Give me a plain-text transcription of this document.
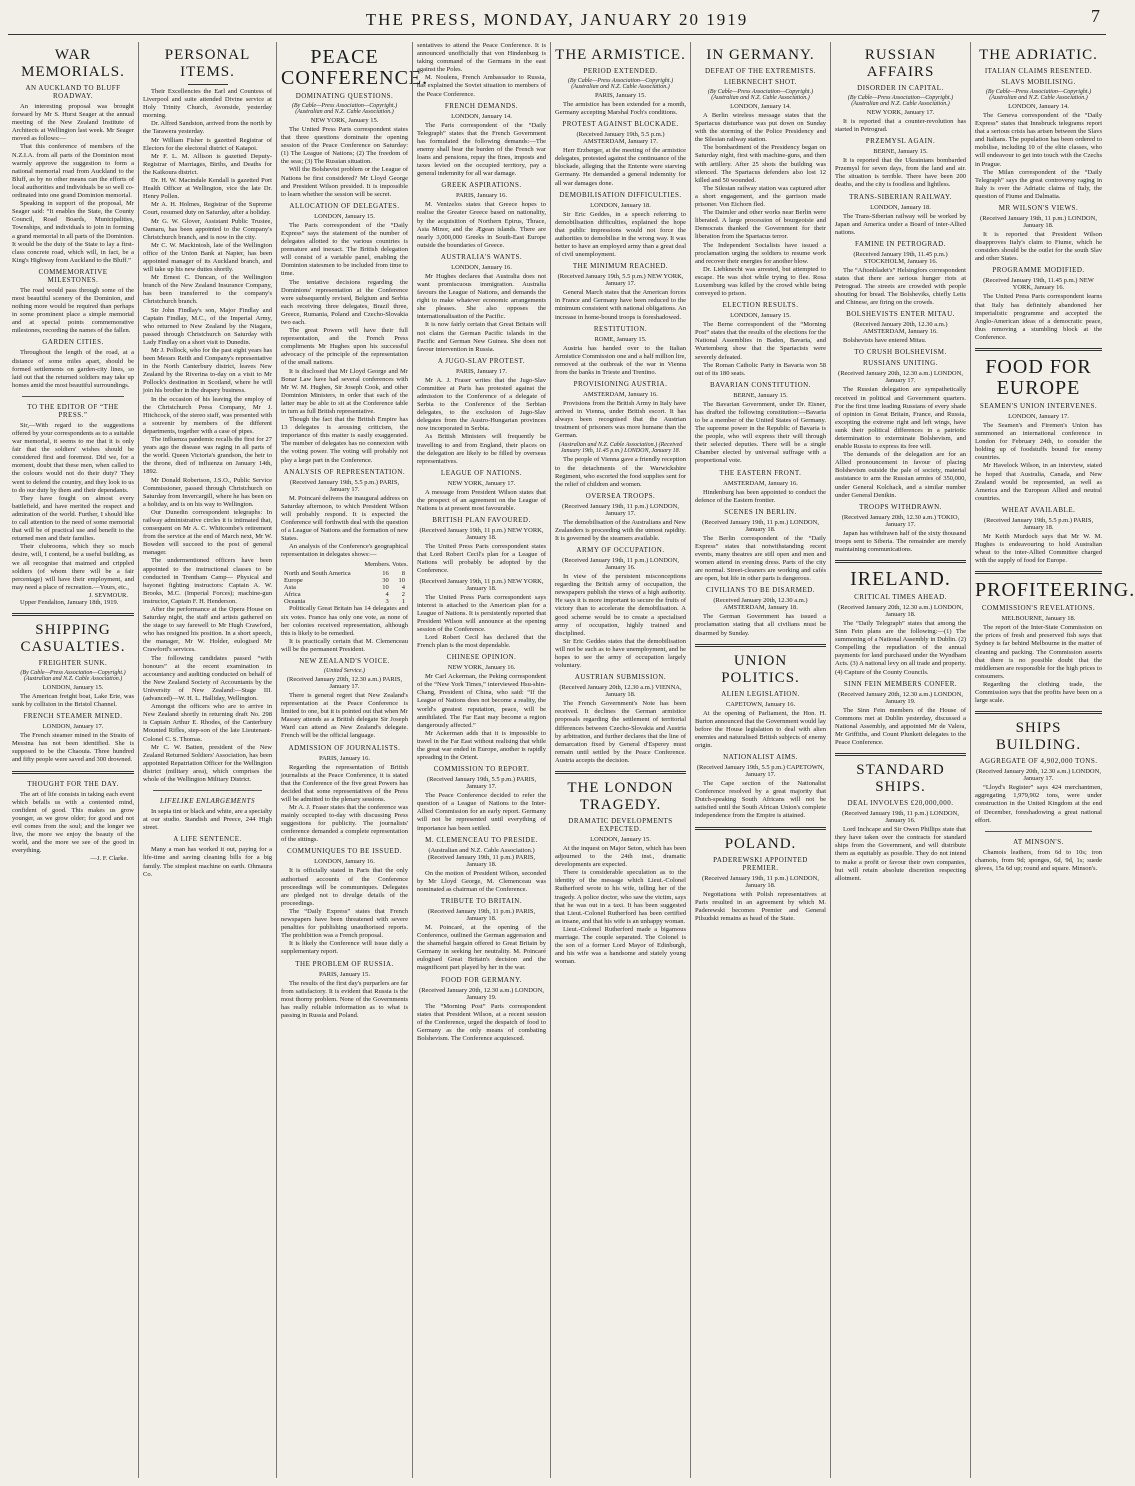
THE PRESS, MONDAY, JANUARY 20 1919	7
WAR MEMORIALS.
AN AUCKLAND TO BLUFF ROADWAY.

An interesting proposal was brought forward by Mr S. Hurst Seager at the annual meeting of the New Zealand Institute of Architects at Wellington last week. Mr Seager moved as follows:—

That this conference of members of the N.Z.I.A. from all parts of the Dominion most warmly approve the suggestion to form a national memorial road from Auckland to the Bluff, as by no other means can the efforts of local authorities and individuals be so well co-ordinated into one grand Dominion memorial.

Speaking in support of the proposal, Mr Seager said: “It enables the State, the County Council, Road Boards, Municipalities, Townships, and individuals to join in forming a grand memorial in all parts of the Dominion. It would be the duty of the State to lay a first-class concrete road, which will, in fact, be a King's Highway from Auckland to the Bluff.”

COMMEMORATIVE MILESTONES.

The road would pass through some of the most beautiful scenery of the Dominion, and nothing more would be required than perhaps in some prominent place a simple memorial and at special points commemorative milestones, recording the names of the fallen.

GARDEN CITIES.

Throughout the length of the road, at a distance of some miles apart, should be formed settlements on garden-city lines, so laid out that the returned soldiers may take up homes amid the most beautiful surroundings.

TO THE EDITOR OF “THE PRESS.”

Sir,—With regard to the suggestions offered by your correspondents as to a suitable war memorial, it seems to me that it is only fair that the soldiers' wishes should be considered first and foremost. Did we, for a moment, doubt that these men, when called to the colours would not do their duty? They went to defend the country, and they look to us to do our duty by them and their dependants.

They have fought on almost every battlefield, and have merited the respect and admiration of the world. Further, I should like to call attention to the need of some memorial that will be of practical use and benefit to the returned men and their families.

Their clubrooms, which they so much desire, will, I contend, be a useful building, as we all recognise that maimed and crippled soldiers (of whom there will be a fair percentage) will have their employment, and may need a place of recreation.—Yours, etc.,

J. SEYMOUR.

Upper Fendalton, January 18th, 1919.

SHIPPING CASUALTIES.
FREIGHTER SUNK.
(By Cable—Press Association—Copyright.) (Australian and N.Z. Cable Association.)
LONDON, January 15.

The American freight boat, Lake Erie, was sunk by collision in the Bristol Channel.

FRENCH STEAMER MINED.
LONDON, January 17.

The French steamer mined in the Straits of Messina has not been identified. She is supposed to be the Chaouia. Three hundred and fifty people were saved and 300 drowned.

THOUGHT FOR THE DAY.

The art of life consists in taking each event which befalls us with a contented mind, confident of good. This makes us grow younger, as we grow older; for good and not evil comes from the soul; and the longer we live, the more we enjoy the beauty of the world, and the more we see of the good in everything.

—J. F. Clarke.
PERSONAL ITEMS.

Their Excellencies the Earl and Countess of Liverpool and suite attended Divine service at Holy Trinity Church, Avonside, yesterday morning.

Dr. Alfred Sandston, arrived from the north by the Tarawera yesterday.

Mr William Fisher is gazetted Registrar of Electors for the electoral district of Kaiapoi.

Mr F. L. M. Allison is gazetted Deputy-Registrar of Marriages, Births, and Deaths for the Kaikoura district.

Dr. H. W. Macindale Kendall is gazetted Port Health Officer at Wellington, vice the late Dr. Henry Pollen.

Mr A. H. Holmes, Registrar of the Supreme Court, resumed duty on Saturday, after a holiday.

Mr G. W. Glover, Assistant Public Trustee, Oamaru, has been appointed to the Company's Christchurch branch, and is now in the city.

Mr C. W. Mackintosh, late of the Wellington office of the Union Bank at Napier, has been appointed manager of its Auckland branch, and will take up his new duties shortly.

Mr Ernest C. Duncan, of the Wellington branch of the New Zealand Insurance Company, has been transferred to the company's Christchurch branch.

Sir John Findlay's son, Major Findlay and Captain Findlay, M.C., of the Imperial Army, who returned to New Zealand by the Niagara, passed through Christchurch on Saturday with Lady Findlay on a short visit to Dunedin.

Mr J. Pollock, who for the past eight years has been Messrs Reith and Company's representative in the North Canterbury district, leaves New Zealand by the Riverina to-day on a visit to Mr Pollock's destination in Scotland, where he will join his brother in the drapery business.

In the occasion of his leaving the employ of the Christchurch Press Company, Mr J. Hitchcock, of the stereo staff, was presented with a souvenir by members of the different departments, together with a case of pipes.

The influenza pandemic recalls the first for 27 years ago the disease was raging in all parts of the world. Queen Victoria's grandson, the heir to the throne, died of influenza on January 14th, 1892.

Mr Donald Robertson, J.S.O., Public Service Commissioner, passed through Christchurch on Saturday from Invercargill, where he has been on a holiday, and is on his way to Wellington.

Our Dunedin correspondent telegraphs: In railway administrative circles it is intimated that, consequent on Mr A. C. Whitcombe's retirement from the service at the end of March next, Mr W. Bowden will succeed to the post of general manager.

The undermentioned officers have been appointed to the instructional classes to be conducted in Trentham Camp— Physical and bayonet fighting instructors: Captain A. W. Brooks, M.C. (Imperial Forces); machine-gun instructor, Captain F. H. Henderson.

After the performance at the Opera House on Saturday night, the staff and artists gathered on the stage to say farewell to Mr Hugh Crawford, who has resigned his position. In a short speech, the manager, Mr W. Holder, eulogised Mr Crawford's services.

The following candidates passed “with honours” at the recent examination in accountancy and auditing conducted on behalf of the New Zealand Society of Accountants by the University of New Zealand:—Stage III. (advanced)—W. H. L. Halliday, Wellington.

Amongst the officers who are to arrive in New Zealand shortly in returning draft No. 298 is Captain Arthur E. Rhodes, of the Canterbury Mounted Rifles, step-son of the late Lieutenant-Colonel C. S. Thomas.

Mr C. W. Batten, president of the New Zealand Returned Soldiers' Association, has been appointed Repatriation Officer for the Wellington district (military area), which comprises the whole of the Wellington Military District.

LIFELIKE ENLARGEMENTS

In sepia tint or black and white, are a specialty at our studio. Standish and Preece, 244 High street.

A LIFE SENTENCE.

Many a man has worked it out, paying for a life-time and saving cleaning bills for a big family. The simplest machine on earth. Ohmaura Co.

PEACE CONFERENCE.
DOMINATING QUESTIONS.
(By Cable—Press Association—Copyright.) (Australian and N.Z. Cable Association.)
NEW YORK, January 15.

The United Press Paris correspondent states that three questions dominate the opening session of the Peace Conference on Saturday: (1) The League of Nations; (2) The freedom of the seas; (3) The Russian situation.

Will the Bolshevist problem or the League of Nations be first considered? Mr Lloyd George and President Wilson presided. It is impossible to learn whether the session will be secret.

ALLOCATION OF DELEGATES.
LONDON, January 15.

The Paris correspondent of the “Daily Express” says the statement of the number of delegates allotted to the various countries is premature and inexact. The British delegation will consist of a variable panel, enabling the Dominion statesmen to be included from time to time.

The tentative decisions regarding the Dominions' representation at the Conference were subsequently revised, Belgium and Serbia each receiving three delegates, Brazil three, Greece, Rumania, Poland and Czecho-Slovakia two each.

The great Powers will have their full representation, and the French Press compliments Mr Hughes upon his successful advocacy of the principle of the representation of the small nations.

It is disclosed that Mr Lloyd George and Mr Bonar Law have had several conferences with Mr W. M. Hughes, Sir Joseph Cook, and other Dominion Ministers, in order that each of the latter may be able to sit at the Conference table in turn as full British representative.

Though the fact that the British Empire has 13 delegates is arousing criticism, the importance of this matter is easily exaggerated. The number of delegates has no connexion with the voting power. The voting will probably not play a large part in the Conference.

ANALYSIS OF REPRESENTATION.
(Received January 19th, 5.5 p.m.) PARIS, January 17.

M. Poincaré delivers the inaugural address on Saturday afternoon, to which President Wilson will probably respond. It is expected the Conference will forthwith deal with the question of a League of Nations and the formation of new States.

An analysis of the Conference's geographical representation in delegates shows:—

Members. Votes.
North and South America	16	8
Europe	30	10
Asia	10	4
Africa	4	2
Oceania	3	1

Politically Great Britain has 14 delegates and six votes. France has only one vote, as none of her colonies received representation, although this is likely to be remedied.

It is practically certain that M. Clemenceau will be the permanent President.

NEW ZEALAND'S VOICE.
(United Service.)
(Received January 20th, 12.30 a.m.) PARIS, January 17.

There is general regret that New Zealand's representation at the Peace Conference is limited to one, but it is pointed out that when Mr Massey attends as a British delegate Sir Joseph Ward can attend as New Zealand's delegate. French will be the official language.

ADMISSION OF JOURNALISTS.
PARIS, January 16.

Regarding the representation of British journalists at the Peace Conference, it is stated that the Conference of the five great Powers has decided that some representatives of the Press will be admitted to the plenary sessions.

Mr A. J. Fraser states that the conference was mainly occupied to-day with discussing Press suggestions for publicity. The journalists' conference demanded a complete representation of the sittings.

COMMUNIQUES TO BE ISSUED.
LONDON, January 16.

It is officially stated in Paris that the only authorised accounts of the Conference proceedings will be communiques. Delegates are pledged not to divulge details of the proceedings.

The “Daily Express” states that French newspapers have been threatened with severe penalties for publishing unauthorised reports. The prohibition was a French proposal.

It is likely the Conference will issue daily a supplementary report.

THE PROBLEM OF RUSSIA.
PARIS, January 15.

The results of the first day's purparlers are far from satisfactory. It is evident that Russia is the most thorny problem. None of the Governments has really reliable information as to what is passing in Russia and Poland.

sentatives to attend the Peace Conference. It is announced unofficially that von Hindenburg is taking command of the Germans in the east against the Poles.

M. Noulens, French Ambassador to Russia, has explained the Soviet situation to members of the Peace Conference.

FRENCH DEMANDS.
LONDON, January 14.

The Paris correspondent of the “Daily Telegraph” states that the French Government has formulated the following demands:—The enemy shall bear the burden of the French war loans and pensions, repay the fines, imposts and taxes levied on the occupied territory, pay a general indemnity for all war damage.

GREEK ASPIRATIONS.
PARIS, January 16.

M. Venizelos states that Greece hopes to realise the Greater Greece based on nationality, by the acquisition of Northern Epirus, Thrace, Asia Minor, and the Ægean islands. There are nearly 3,000,000 Greeks in South-East Europe outside the boundaries of Greece.

AUSTRALIA'S WANTS.
LONDON, January 16.

Mr Hughes declares that Australia does not want promiscuous immigration. Australia favours the League of Nations, and demands the right to make whatever economic arrangements she pleases. She also opposes the internationalisation of the Pacific.

It is now fairly certain that Great Britain will not claim the German Pacific islands in the Pacific and German New Guinea. She does not favour intervention in Russia.

A JUGO-SLAV PROTEST.
PARIS, January 17.

Mr A. J. Fraser writes that the Jugo-Slav Committee at Paris has protested against the admission to the Conference of a delegate of Serbia to the Conference of the Serbian delegates, to the exclusion of Jugo-Slav delegates from the Austro-Hungarian provinces now incorporated in Serbia.

As British Ministers will frequently be travelling to and from England, their places on the delegation are likely to be filled by overseas representatives.

LEAGUE OF NATIONS.
NEW YORK, January 17.

A message from President Wilson states that the prospect of an agreement on the League of Nations is at present most favourable.

BRITISH PLAN FAVOURED.
(Received January 19th, 11 p.m.) NEW YORK, January 18.

The United Press Paris correspondent states that Lord Robert Cecil's plan for a League of Nations will probably be adopted by the Conference.

(Received January 19th, 11 p.m.) NEW YORK, January 18.

The United Press Paris correspondent says interest is attached to the American plan for a League of Nations. It is persistently reported that President Wilson will announce at the opening session of the Conference.

Lord Robert Cecil has declared that the French plan is the most dependable.

CHINESE OPINION.
NEW YORK, January 16.

Mr Carl Ackerman, the Peking correspondent of the “New York Times,” interviewed Hsu-shin-Chang, President of China, who said: “If the League of Nations does not become a reality, the world's greatest reputation, peace, will be annihilated. The Far East may become a region dangerously affected.”

Mr Ackerman adds that it is impossible to travel in the Far East without realising that while the great war ended in Europe, another is rapidly spreading in the Orient.

COMMISSION TO REPORT.
(Received January 19th, 5.5 p.m.) PARIS, January 17.

The Peace Conference decided to refer the question of a League of Nations to the Inter-Allied Commission for an early report. Germany will not be represented until everything of importance has been settled.

M. CLEMENCEAU TO PRESIDE.
(Australian and N.Z. Cable Association.) (Received January 19th, 11 p.m.) PARIS, January 18.

On the motion of President Wilson, seconded by Mr Lloyd George, M. Clemenceau was nominated as chairman of the Conference.

TRIBUTE TO BRITAIN.
(Received January 19th, 11 p.m.) PARIS, January 18.

M. Poincaré, at the opening of the Conference, outlined the German aggression and the shameful bargain offered to Great Britain by Germany in seeking her neutrality. M. Poincaré eulogised Great Britain's decision and the magnificent part played by her in the war.

FOOD FOR GERMANY.
(Received January 20th, 12.30 a.m.) LONDON, January 19.

The “Morning Post” Paris correspondent states that President Wilson, at a recent session of the Conference, urged the despatch of food to Germany as the only means of combating Bolshevism. The Conference acquiesced.

THE ARMISTICE.
PERIOD EXTENDED.
(By Cable—Press Association—Copyright.) (Australian and N.Z. Cable Association.)
PARIS, January 15.

The armistice has been extended for a month, Germany accepting Marshal Foch's conditions.

PROTEST AGAINST BLOCKADE.
(Received January 19th, 5.5 p.m.) AMSTERDAM, January 17.

Herr Erzberger, at the meeting of the armistice delegates, protested against the continuance of the blockade, alleging that the Entente were starving Germany. He demanded a general indemnity for all war damages done.

DEMOBILISATION DIFFICULTIES.
LONDON, January 18.

Sir Eric Geddes, in a speech referring to demobilisation difficulties, explained the hope that public impressions would not force the authorities to demobilise in the wrong way. It was better to have an employed army than a great deal of civil unemployment.

THE MINIMUM REACHED.
(Received January 19th, 5.5 p.m.) NEW YORK, January 17.

General March states that the American forces in France and Germany have been reduced to the minimum consistent with national obligations. An increase in home-bound troops is foreshadowed.

RESTITUTION.
ROME, January 15.

Austria has handed over to the Italian Armistice Commission one and a half million lire, removed at the outbreak of the war in Vienna from the banks in Trieste and Trentino.

PROVISIONING AUSTRIA.
AMSTERDAM, January 16.

Provisions from the British Army in Italy have arrived in Vienna, under British escort. It has always been recognised that the Austrian treatment of prisoners was more humane than the German.

(Australian and N.Z. Cable Association.) (Received January 19th, 11.45 p.m.) LONDON, January 18.

The people of Vienna gave a friendly reception to the detachments of the Warwickshire Regiment, who escorted the food supplies sent for the relief of children and women.

OVERSEA TROOPS.
(Received January 19th, 11 p.m.) LONDON, January 17.

The demobilisation of the Australians and New Zealanders is proceeding with the utmost rapidity. It is governed by the steamers available.

ARMY OF OCCUPATION.
(Received January 19th, 11 p.m.) LONDON, January 16.

In view of the persistent misconceptions regarding the British army of occupation, the newspapers publish the views of a high authority. He says it is more important to secure the fruits of victory than to accelerate the demobilisation. A good scheme would be to create a specialised army of occupation, highly trained and disciplined.

Sir Eric Geddes states that the demobilisation will not be such as to have unemployment, and he hopes to see the army of occupation largely voluntary.

AUSTRIAN SUBMISSION.
(Received January 20th, 12.30 a.m.) VIENNA, January 18.

The French Government's Note has been received. It declines the German armistice proposals regarding the settlement of territorial differences between Czecho-Slovakia and Austria by arbitration, and further declares that the line of demarcation fixed by General d'Esperey must remain until settled by the Peace Conference. Austria accepts the decision.

THE LONDON TRAGEDY.
DRAMATIC DEVELOPMENTS EXPECTED.
LONDON, January 15.

At the inquest on Major Seton, which has been adjourned to the 24th inst., dramatic developments are expected.

There is considerable speculation as to the identity of the message which Lieut.-Colonel Rutherford wrote to his wife, telling her of the tragedy. A police doctor, who saw the victim, says that he was out in a taxi. It has been suggested that Lieut.-Colonel Rutherford has been certified as insane, and that his wife is an unhappy woman.

Lieut.-Colonel Rutherford made a bigamous marriage. The couple separated. The Colonel is the son of a former Lord Mayor of Edinburgh, and his wife was a handsome and stately young woman.

IN GERMANY.
DEFEAT OF THE EXTREMISTS.
LIEBKNECHT SHOT.
(By Cable—Press Association—Copyright.) (Australian and N.Z. Cable Association.)
LONDON, January 14.

A Berlin wireless message states that the Spartacus disturbance was put down on Sunday with the storming of the Police Presidency and the Silesian railway station.

The bombardment of the Presidency began on Saturday night, first with machine-guns, and then with artillery. After 25 shots the building was silenced. The Spartacus defenders also lost 12 killed and 50 wounded.

The Silesian railway station was captured after a short engagement, and the garrison made prisoner. Von Eichorn fled.

The Daimler and other works near Berlin were liberated. A large procession of bourgeoisie and Democrats thanked the Government for their liberation from the Spartacus terror.

The Independent Socialists have issued a proclamation urging the soldiers to resume work and recover their energies for another blow.

Dr. Liebknecht was arrested, but attempted to escape. He was shot while trying to flee. Rosa Luxemburg was killed by the crowd while being conveyed to prison.

ELECTION RESULTS.
LONDON, January 15.

The Berne correspondent of the “Morning Post” states that the results of the elections for the National Assemblies in Baden, Bavaria, and Wurtemberg show that the Spartacists were severely defeated.

The Roman Catholic Party in Bavaria won 58 out of its 180 seats.

BAVARIAN CONSTITUTION.
BERNE, January 15.

The Bavarian Government, under Dr. Eisner, has drafted the following constitution:—Bavaria to be a member of the United States of Germany. The supreme power in the Republic of Bavaria is the people, who will express their will through their selected deputies. There will be a single Chamber elected by universal suffrage with a proportional vote.

THE EASTERN FRONT.
AMSTERDAM, January 16.

Hindenburg has been appointed to conduct the defence of the Eastern frontier.

SCENES IN BERLIN.
(Received January 19th, 11 p.m.) LONDON, January 18.

The Berlin correspondent of the “Daily Express” states that notwithstanding recent events, many theatres are still open and men and women attend in evening dress. Parts of the city are normal. Street-cleaners are working and cafés are open, but life in other parts is dangerous.

CIVILIANS TO BE DISARMED.
(Received January 20th, 12.30 a.m.) AMSTERDAM, January 18.

The German Government has issued a proclamation stating that all civilians must be disarmed by Sunday.

UNION POLITICS.
ALIEN LEGISLATION.
CAPETOWN, January 16.

At the opening of Parliament, the Hon. H. Burton announced that the Government would lay before the House legislation to deal with alien enemies and naturalised British subjects of enemy origin.

NATIONALIST AIMS.
(Received January 19th, 5.5 p.m.) CAPETOWN, January 17.

The Cape section of the Nationalist Conference resolved by a great majority that Dutch-speaking South Africans will not be satisfied until the South African Union's complete independence from the Empire is attained.

POLAND.
PADEREWSKI APPOINTED PREMIER.
(Received January 19th, 11 p.m.) LONDON, January 18.

Negotiations with Polish representatives at Paris resulted in an agreement by which M. Paderewski becomes Premier and General Pilsudski remains as head of the State.

RUSSIAN AFFAIRS
DISORDER IN CAPITAL.
(By Cable—Press Association—Copyright.) (Australian and N.Z. Cable Association.)
NEW YORK, January 17.

It is reported that a counter-revolution has started in Petrograd.

PRZEMYSL AGAIN.
BERNE, January 15.

It is reported that the Ukrainians bombarded Przemysl for seven days, from the land and air. The situation is terrible. There have been 200 deaths, and the city is foodless and lightless.

TRANS-SIBERIAN RAILWAY.
LONDON, January 18.

The Trans-Siberian railway will be worked by Japan and America under a Board of inter-Allied nations.

FAMINE IN PETROGRAD.
(Received January 19th, 11.45 p.m.) STOCKHOLM, January 16.

The “Aftonbladet's” Helsingfors correspondent states that there are serious hunger riots at Petrograd. The streets are crowded with people shouting for bread. The Bolsheviks, chiefly Letts and Chinese, are firing on the crowds.

BOLSHEVISTS ENTER MITAU.
(Received January 20th, 12.30 a.m.) AMSTERDAM, January 16.

Bolshevists have entered Mitau.

TO CRUSH BOLSHEVISM.
RUSSIANS UNITING.
(Received January 20th, 12.30 a.m.) LONDON, January 17.

The Russian delegation are sympathetically received in political and Government quarters. For the first time leading Russians of every shade of opinion in Great Britain, France, and Russia, excepting the extreme right and left wings, have sunk their political differences in a patriotic determination to exterminate Bolshevism, and enable Russia to express its free will.

The demands of the delegation are for an Allied pronouncement in favour of placing Bolshevism outside the pale of society, material assistance to arm the Russian armies of 350,000, under General Kolchack, and a similar number under General Denikin.

TROOPS WITHDRAWN.
(Received January 20th, 12.30 a.m.) TOKIO, January 17.

Japan has withdrawn half of the sixty thousand troops sent to Siberia. The remainder are merely maintaining communications.

IRELAND.
CRITICAL TIMES AHEAD.
(Received January 20th, 12.30 a.m.) LONDON, January 18.

The “Daily Telegraph” states that among the Sinn Fein plans are the following:—(1) The summoning of a National Assembly in Dublin. (2) Compelling the repudiation of the annual payments for land purchased under the Wyndham Acts. (3) A national levy on all trade and property. (4) Capture of the County Councils.

SINN FEIN MEMBERS CONFER.
(Received January 20th, 12.30 a.m.) LONDON, January 19.

The Sinn Fein members of the House of Commons met at Dublin yesterday, discussed a National Assembly, and appointed Mr de Valera, Mr Griffiths, and Count Plunkett delegates to the Peace Conference.

STANDARD SHIPS.
DEAL INVOLVES £20,000,000.
(Received January 19th, 11 p.m.) LONDON, January 16.

Lord Inchcape and Sir Owen Phillips state that they have taken over the contracts for standard ships from the Government, and will distribute them as equitably as possible. They do not intend to make a profit or favour their own companies, but will retain absolute discretion respecting allotment.

THE ADRIATIC.
ITALIAN CLAIMS RESENTED.
SLAVS MOBILISING.
(By Cable—Press Association—Copyright.) (Australian and N.Z. Cable Association.)
LONDON, January 14.

The Geneva correspondent of the “Daily Express” states that Innsbruck telegrams report that a serious crisis has arisen between the Slavs and Italians. The population has been ordered to mobilise, including 10 of the elite classes, who will endeavour to get into touch with the Czechs in Prague.

The Milan correspondent of the “Daily Telegraph” says the great controversy raging in Italy is over the Adriatic claims of Italy, the question of Fiume and Dalmatia.

MR WILSON'S VIEWS.
(Received January 19th, 11 p.m.) LONDON, January 18.

It is reported that President Wilson disapproves Italy's claim to Fiume, which he considers should be the outlet for the south Slav and other States.

PROGRAMME MODIFIED.
(Received January 19th, 11.45 p.m.) NEW YORK, January 16.

The United Press Paris correspondent learns that Italy has definitely abandoned her imperialistic programme and accepted the Anglo-American ideas of a democratic peace, thus removing a stumbling block at the Conference.

FOOD FOR EUROPE
SEAMEN'S UNION INTERVENES.
LONDON, January 17.

The Seamen's and Firemen's Union has summoned an international conference in London for February 24th, to consider the holding up of foodstuffs bound for enemy countries.

Mr Havelock Wilson, in an interview, stated he hoped that Australia, Canada, and New Zealand would be represented, as well as America and the European Allied and neutral countries.

WHEAT AVAILABLE.
(Received January 19th, 5.5 p.m.) PARIS, January 18.

Mr Keith Murdoch says that Mr W. M. Hughes is endeavouring to hold Australian wheat to the inter-Allied Committee charged with the supply of food for Europe.

PROFITEERING.
COMMISSION'S REVELATIONS.
MELBOURNE, January 18.

The report of the Inter-State Commission on the prices of fresh and preserved fish says that Sydney is far behind Melbourne in the matter of cleaning and packing. The Commission asserts that there is no possible doubt that the middlemen are responsible for the high prices to consumers.

Regarding the clothing trade, the Commission says that the profits have been on a large scale.

SHIPS BUILDING.
AGGREGATE OF 4,902,000 TONS.
(Received January 20th, 12.30 a.m.) LONDON, January 17.

“Lloyd's Register” says 424 merchantmen, aggregating 1,979,902 tons, were under construction in the United Kingdom at the end of December, foreshadowing a great national effort.

AT MINSON'S.

Chamois leathers, from 6d to 10s; iron chamois, from 9d; sponges, 6d, 9d, 1s; suede gloves, 15s 6d up; round and square. Minson's.
